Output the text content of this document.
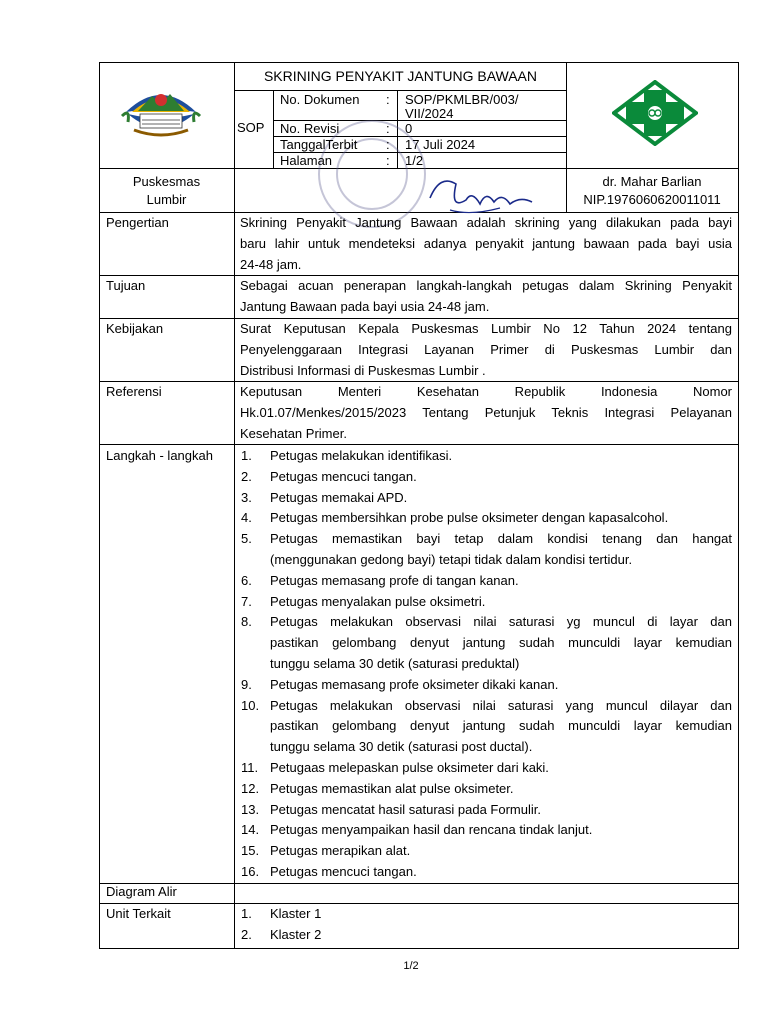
SKRINING PENYAKIT JANTUNG BAWAAN
SOP
No. Dokumen : SOP/PKMLBR/003/
VII/2024
No. Revisi	: 0
TanggalTerbit : 17 Juli 2024
Halaman	: 1/2
Puskesmas
Lumbir
dr. Mahar Barlian
NIP.1976060620011011
Pengertian
Tujuan
Kebijakan
Referensi
Langkah - langkah
Diagram Alir
Unit Terkait
Skrining Penyakit Jantung Bawaan adalah skrining yang dilakukan pada bayi
baru lahir untuk mendeteksi adanya penyakit jantung bawaan pada bayi usia
24-48 jam.
Sebagai acuan penerapan langkah-langkah petugas dalam Skrining Penyakit
Jantung Bawaan pada bayi usia 24-48 jam.
Surat Keputusan Kepala Puskesmas Lumbir No 12 Tahun 2024 tentang
Penyelenggaraan Integrasi Layanan Primer di Puskesmas Lumbir dan
Distribusi Informasi di Puskesmas Lumbir .
Keputusan Menteri Kesehatan Republik Indonesia Nomor
Hk.01.07/Menkes/2015/2023 Tentang Petunjuk Teknis Integrasi Pelayanan
Kesehatan Primer.
1. Petugas melakukan identifikasi.
2. Petugas mencuci tangan.
3. Petugas memakai APD.
4. Petugas membersihkan probe pulse oksimeter dengan kapasalcohol.
5. Petugas memastikan bayi tetap dalam kondisi tenang dan hangat
(menggunakan gedong bayi) tetapi tidak dalam kondisi tertidur.
6. Petugas memasang profe di tangan kanan.
7. Petugas menyalakan pulse oksimetri.
8. Petugas melakukan observasi nilai saturasi yg muncul di layar dan
pastikan gelombang denyut jantung sudah munculdi layar kemudian
tunggu selama 30 detik (saturasi preduktal)
9. Petugas memasang profe oksimeter dikaki kanan.
10. Petugas melakukan observasi nilai saturasi yang muncul dilayar dan
pastikan gelombang denyut jantung sudah munculdi layar kemudian
tunggu selama 30 detik (saturasi post ductal).
11. Petugaas melepaskan pulse oksimeter dari kaki.
12. Petugas memastikan alat pulse oksimeter.
13. Petugas mencatat hasil saturasi pada Formulir.
14. Petugas menyampaikan hasil dan rencana tindak lanjut.
15. Petugas merapikan alat.
16. Petugas mencuci tangan.
1. Klaster 1
2. Klaster 2
1/2
